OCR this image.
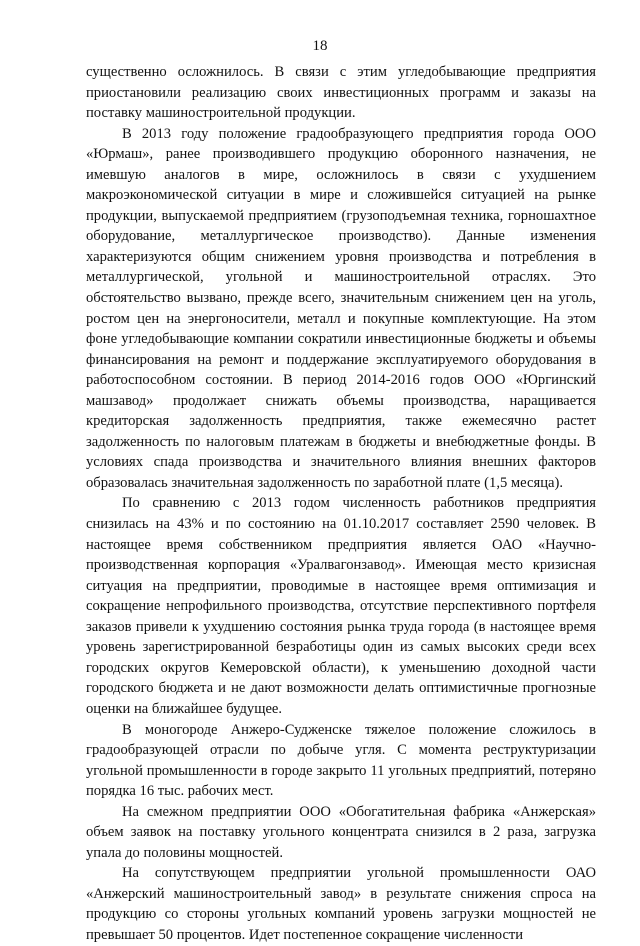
18

существенно осложнилось. В связи с этим угледобывающие предприятия приостановили реализацию своих инвестиционных программ и заказы на поставку машиностроительной продукции.

В 2013 году положение градообразующего предприятия города ООО «Юрмаш», ранее производившего продукцию оборонного назначения, не имевшую аналогов в мире, осложнилось в связи с ухудшением макроэкономической ситуации в мире и сложившейся ситуацией на рынке продукции, выпускаемой предприятием (грузоподъемная техника, горношахтное оборудование, металлургическое производство). Данные изменения характеризуются общим снижением уровня производства и потребления в металлургической, угольной и машиностроительной отраслях. Это обстоятельство вызвано, прежде всего, значительным снижением цен на уголь, ростом цен на энергоносители, металл и покупные комплектующие. На этом фоне угледобывающие компании сократили инвестиционные бюджеты и объемы финансирования на ремонт и поддержание эксплуатируемого оборудования в работоспособном состоянии. В период 2014-2016 годов ООО «Юргинский машзавод» продолжает снижать объемы производства, наращивается кредиторская задолженность предприятия, также ежемесячно растет задолженность по налоговым платежам в бюджеты и внебюджетные фонды. В условиях спада производства и значительного влияния внешних факторов образовалась значительная задолженность по заработной плате (1,5 месяца).

По сравнению с 2013 годом численность работников предприятия снизилась на 43% и по состоянию на 01.10.2017 составляет 2590 человек. В настоящее время собственником предприятия является ОАО «Научно-производственная корпорация «Уралвагонзавод». Имеющая место кризисная ситуация на предприятии, проводимые в настоящее время оптимизация и сокращение непрофильного производства, отсутствие перспективного портфеля заказов привели к ухудшению состояния рынка труда города (в настоящее время уровень зарегистрированной безработицы один из самых высоких среди всех городских округов Кемеровской области), к уменьшению доходной части городского бюджета и не дают возможности делать оптимистичные прогнозные оценки на ближайшее будущее.

В моногороде Анжеро-Судженске тяжелое положение сложилось в градообразующей отрасли по добыче угля. С момента реструктуризации угольной промышленности в городе закрыто 11 угольных предприятий, потеряно порядка 16 тыс. рабочих мест.

На смежном предприятии ООО «Обогатительная фабрика «Анжерская» объем заявок на поставку угольного концентрата снизился в 2 раза, загрузка упала до половины мощностей.

На сопутствующем предприятии угольной промышленности ОАО «Анжерский машиностроительный завод» в результате снижения спроса на продукцию со стороны угольных компаний уровень загрузки мощностей не превышает 50 процентов. Идет постепенное сокращение численности
